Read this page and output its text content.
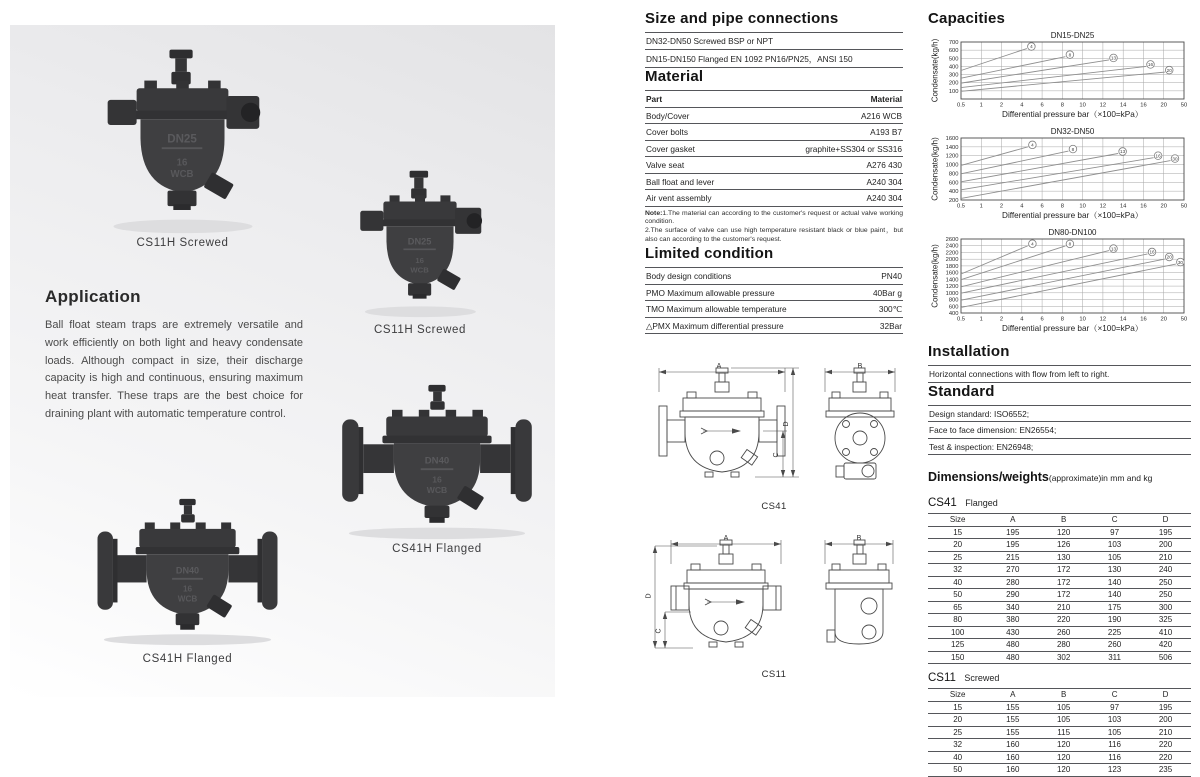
DN25
16
WCB
CS11H Screwed	DN25
16
WCB
CS11H Screwed
DN40
16
WCB
CS41H Flanged
DN40
16
WCB
CS41H Flanged
Application

Ball float steam traps are extremely versatile and work efficiently on both light and heavy condensate loads. Although compact in size, their discharge capacity is high and continuous, ensuring maximum heat transfer. These traps are the best choice for draining plant with automatic temperature control.

Size and pipe connections
DN32-DN50 Screwed BSP or NPT
DN15-DN150 Flanged EN 1092 PN16/PN25，ANSI 150
Material
Part	Material
Body/Cover	A216 WCB
Cover bolts	A193 B7
Cover gasket	graphite+SS304 or SS316
Valve seat	A276 430
Ball float and lever	A240 304
Air vent assembly	A240 304

Note:1.The material can according to the customer's request or actual valve working condition.
2.The surface of valve can use high temperature resistant black or blue paint，but also can according to the customer's request.

Limited condition
Body design conditions	PN40
PMO Maximum allowable pressure	40Bar g
TMO Maximum allowable temperature	300℃
△PMX Maximum differential pressure	32Bar
A
D
C
B
CS41
A
D
C
B
CS11
Capacities
DN15-DN25
Condensate(kg/h)
0.5	1	2	4	6	8	10 12 14 16 20 50
100
200
300
400
500
600
700
4
8
13
16
20
Differential pressure bar（×100=kPa）
DN32-DN50
Condensate(kg/h)
0.5	1	2	4	6	8	10 12 14 16 20 50
200
400
600
800
1000
1200
1400
1600
4
8	13
16
30
Differential pressure bar（×100=kPa）
DN80-DN100
Condensate(kg/h)
0.5	1	2	4	6	8	10 12 14 16 20 50
400
600
800
1000
1200
1400
1600
1800
2000
2200
2400
2600
4	8
13
16
20
30
Differential pressure bar（×100=kPa）
Installation
Horizontal connections with flow from left to right.
Standard
Design standard: ISO6552;
Face to face dimension: EN26554;
Test & inspection: EN26948;
Dimensions/weights(approximate)in mm and kg
CS41 Flanged
Size	A	B	C	D
15	195	120	97	195
20	195	126	103	200
25	215	130	105	210
32	270	172	130	240
40	280	172	140	250
50	290	172	140	250
65	340	210	175	300
80	380	220	190	325
100	430	260	225	410
125	480	280	260	420
150	480	302	311	506
CS11 Screwed
Size	A	B	C	D
15	155	105	97	195
20	155	105	103	200
25	155	115	105	210
32	160	120	116	220
40	160	120	116	220
50	160	120	123	235
